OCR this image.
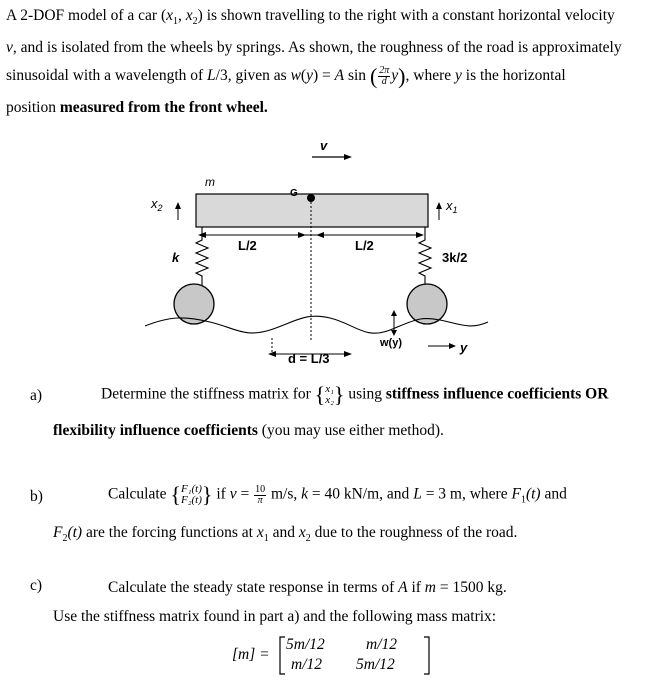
A 2-DOF model of a car ($x_1$, $x_2$) is shown travelling to the right with a constant horizontal velocity
v, and is isolated from the wheels by springs. As shown, the roughness of the road is approximately
sinusoidal with a wavelength of L/3, given as w(y) = A sin ( $\frac{2\pi}{d} y$), where y is the horizontal
position measured from the front wheel.
v
m
G
$x_2$	$x_1$
L/2	L/2
k	3k/2
w(y)	y
d = L/3
a)	Determine the stiffness matrix for { x₁
x₂ } using stiffness influence coefficients OR
flexibility influence coefficients (you may use either method).
b)	Calculate { F₁(t)
F₂(t) } if $v = \frac{10}{\pi} m/s$, k = 40 kN/m, and L = 3 m, where $F_1(t)$ and
$F_2(t)$ are the forcing functions at $x_1$ and $x_2$ due to the roughness of the road.
c)	Calculate the steady state response in terms of A if m = 1500 kg.
Use the stiffness matrix found in part a) and the following mass matrix:
[m] =
5m/12	m/12
m/12 5m/12
